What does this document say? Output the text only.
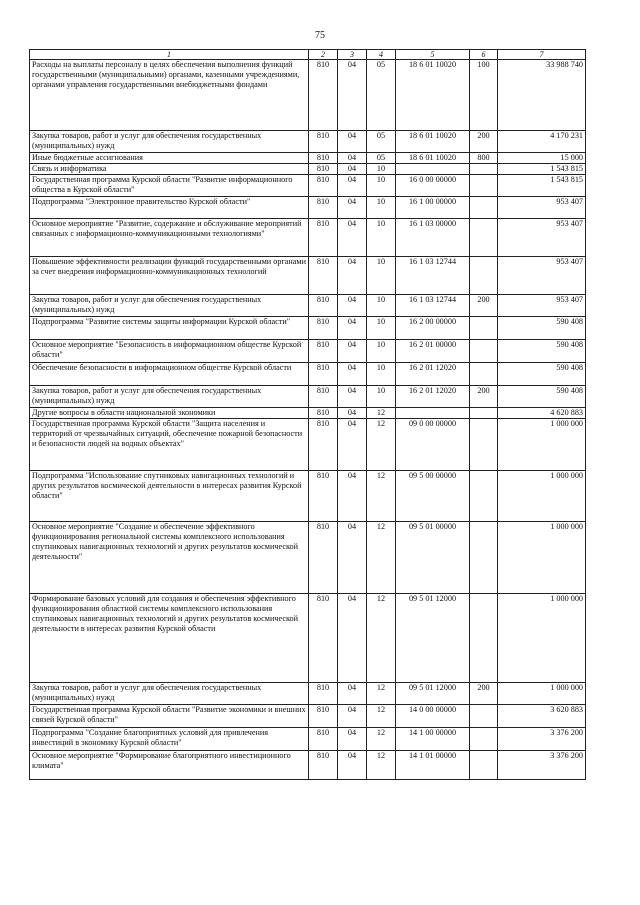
75
1	2	3	4	5	6	7
Расходы на выплаты персоналу в целях обеспечения выполнения функций государственными (муниципальными) органами, казенными учреждениями, органами управления государственными внебюджетными фондами	810	04	05	18 6 01 10020	100	33 988 740
Закупка товаров, работ и услуг для обеспечения государственных (муниципальных) нужд	810	04	05	18 6 01 10020	200	4 170 231
Иные бюджетные ассигнования	810	04	05	18 6 01 10020	800	15 000
Связь и информатика	810	04	10			1 543 815
Государственная программа Курской области "Развитие информационного общества в Курской области"	810	04	10	16 0 00 00000		1 543 815
Подпрограмма "Электронное правительство Курской области"	810	04	10	16 1 00 00000		953 407
Основное мероприятие "Развитие, содержание и обслуживание мероприятий связанных с информационно-коммуникационными технологиями"	810	04	10	16 1 03 00000		953 407
Повышение эффективности реализации функций государственными органами за счет внедрения информационно-коммуникационных технологий	810	04	10	16 1 03 12744		953 407
Закупка товаров, работ и услуг для обеспечения государственных (муниципальных) нужд	810	04	10	16 1 03 12744	200	953 407
Подпрограмма "Развитие системы защиты информации Курской области"	810	04	10	16 2 00 00000		590 408
Основное мероприятие "Безопасность в информационном обществе Курской области"	810	04	10	16 2 01 00000		590 408
Обеспечение безопасности в информационном обществе Курской области	810	04	10	16 2 01 12020		590 408
Закупка товаров, работ и услуг для обеспечения государственных (муниципальных) нужд	810	04	10	16 2 01 12020	200	590 408
Другие вопросы в области национальной экономики	810	04	12			4 620 883
Государственная программа Курской области "Защита населения и территорий от чрезвычайных ситуаций, обеспечение пожарной безопасности и безопасности людей на водных объектах"	810	04	12	09 0 00 00000		1 000 000
Подпрограмма "Использование спутниковых навигационных технологий и других результатов космической деятельности в интересах развития Курской области"	810	04	12	09 5 00 00000		1 000 000
Основное мероприятие "Создание и обеспечение эффективного функционирования региональной системы комплексного использования спутниковых навигационных технологий и других результатов космической деятельности"	810	04	12	09 5 01 00000		1 000 000
Формирование базовых условий для создания и обеспечения эффективного функционирования областной системы комплексного использования спутниковых навигационных технологий и других результатов космической деятельности в интересах развития Курской области	810	04	12	09 5 01 12000		1 000 000
Закупка товаров, работ и услуг для обеспечения государственных (муниципальных) нужд	810	04	12	09 5 01 12000	200	1 000 000
Государственная программа Курской области "Развитие экономики и внешних связей Курской области"	810	04	12	14 0 00 00000		3 620 883
Подпрограмма "Создание благоприятных условий для привлечения инвестиций в экономику Курской области"	810	04	12	14 1 00 00000		3 376 200
Основное мероприятие "Формирование благоприятного инвестиционного климата"	810	04	12	14 1 01 00000		3 376 200
